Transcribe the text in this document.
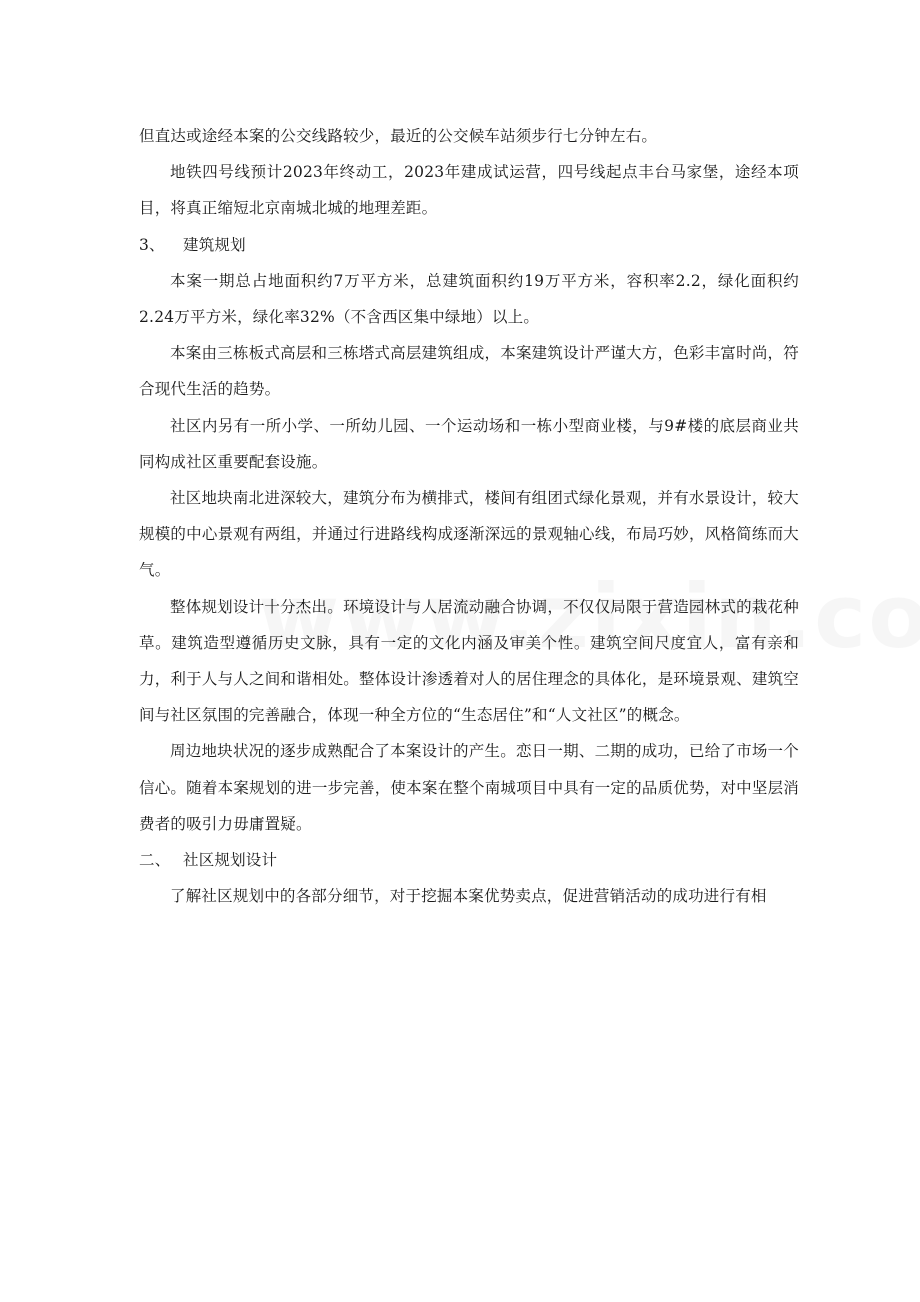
但直达或途经本案的公交线路较少，最近的公交候车站须步行七分钟左右。

地铁四号线预计2023年终动工，2023年建成试运营，四号线起点丰台马家堡，途经本项目，将真正缩短北京南城北城的地理差距。

3、 建筑规划

本案一期总占地面积约7万平方米，总建筑面积约19万平方米，容积率2.2，绿化面积约2.24万平方米，绿化率32%（不含西区集中绿地）以上。

本案由三栋板式高层和三栋塔式高层建筑组成，本案建筑设计严谨大方，色彩丰富时尚，符合现代生活的趋势。

社区内另有一所小学、一所幼儿园、一个运动场和一栋小型商业楼，与9#楼的底层商业共同构成社区重要配套设施。

社区地块南北进深较大，建筑分布为横排式，楼间有组团式绿化景观，并有水景设计，较大规模的中心景观有两组，并通过行进路线构成逐渐深远的景观轴心线，布局巧妙，风格简练而大气。

整体规划设计十分杰出。环境设计与人居流动融合协调，不仅仅局限于营造园林式的栽花种草。建筑造型遵循历史文脉，具有一定的文化内涵及审美个性。建筑空间尺度宜人，富有亲和力，利于人与人之间和谐相处。整体设计渗透着对人的居住理念的具体化，是环境景观、建筑空间与社区氛围的完善融合，体现一种全方位的“生态居住”和“人文社区”的概念。

周边地块状况的逐步成熟配合了本案设计的产生。恋日一期、二期的成功，已给了市场一个信心。随着本案规划的进一步完善，使本案在整个南城项目中具有一定的品质优势，对中坚层消费者的吸引力毋庸置疑。

二、 社区规划设计

了解社区规划中的各部分细节，对于挖掘本案优势卖点，促进营销活动的成功进行有相
